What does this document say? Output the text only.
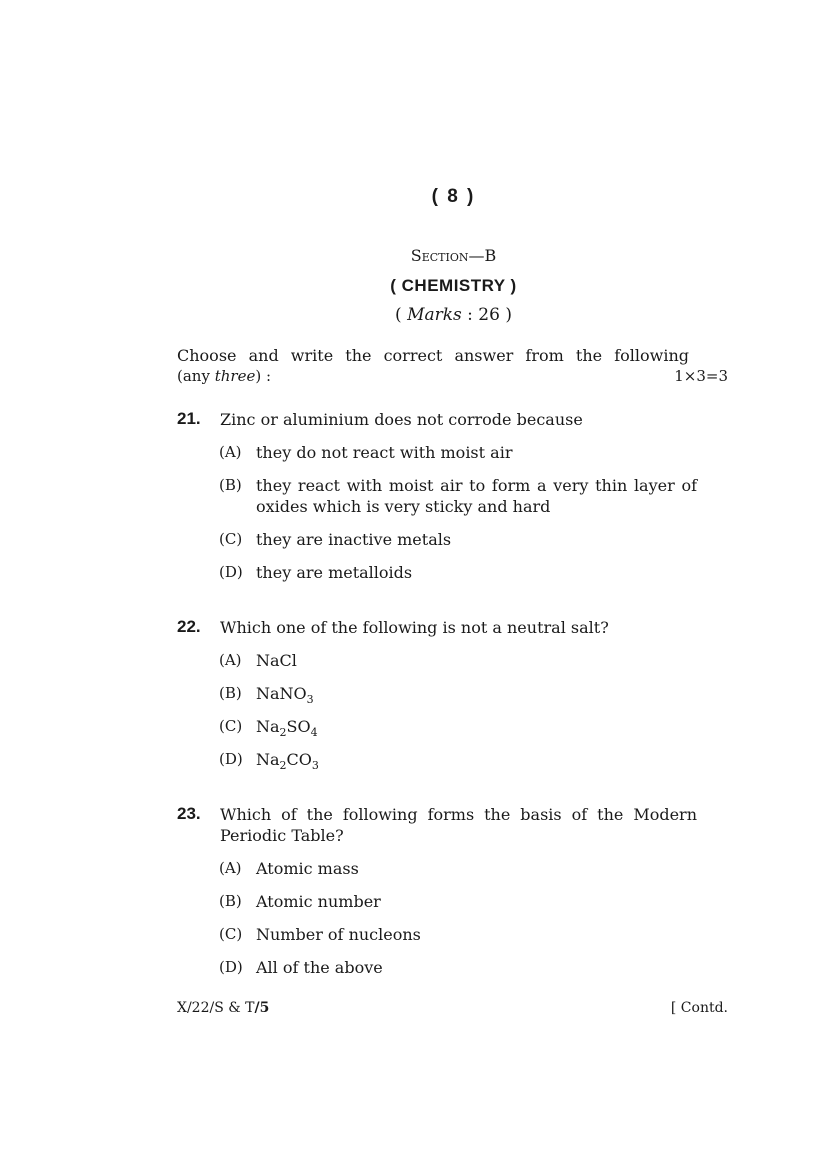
( 8 )
Section—B
( CHEMISTRY )
( Marks : 26 )
Choose and write the correct answer from the following
(any three) :	1×3=3
21.	Zinc or aluminium does not corrode because
(A) they do not react with moist air
(B) they react with moist air to form a very thin layer of oxides which is very sticky and hard
(C) they are inactive metals
(D) they are metalloids
22.	Which one of the following is not a neutral salt?
(A) NaCl
(B) NaNO$_3$
(C) $Na_2SO_4$
(D) $Na_2CO_3$
23.	Which of the following forms the basis of the Modern Periodic Table?
(A) Atomic mass
(B) Atomic number
(C) Number of nucleons
(D) All of the above
X/22/S & T/5	[ Contd.
